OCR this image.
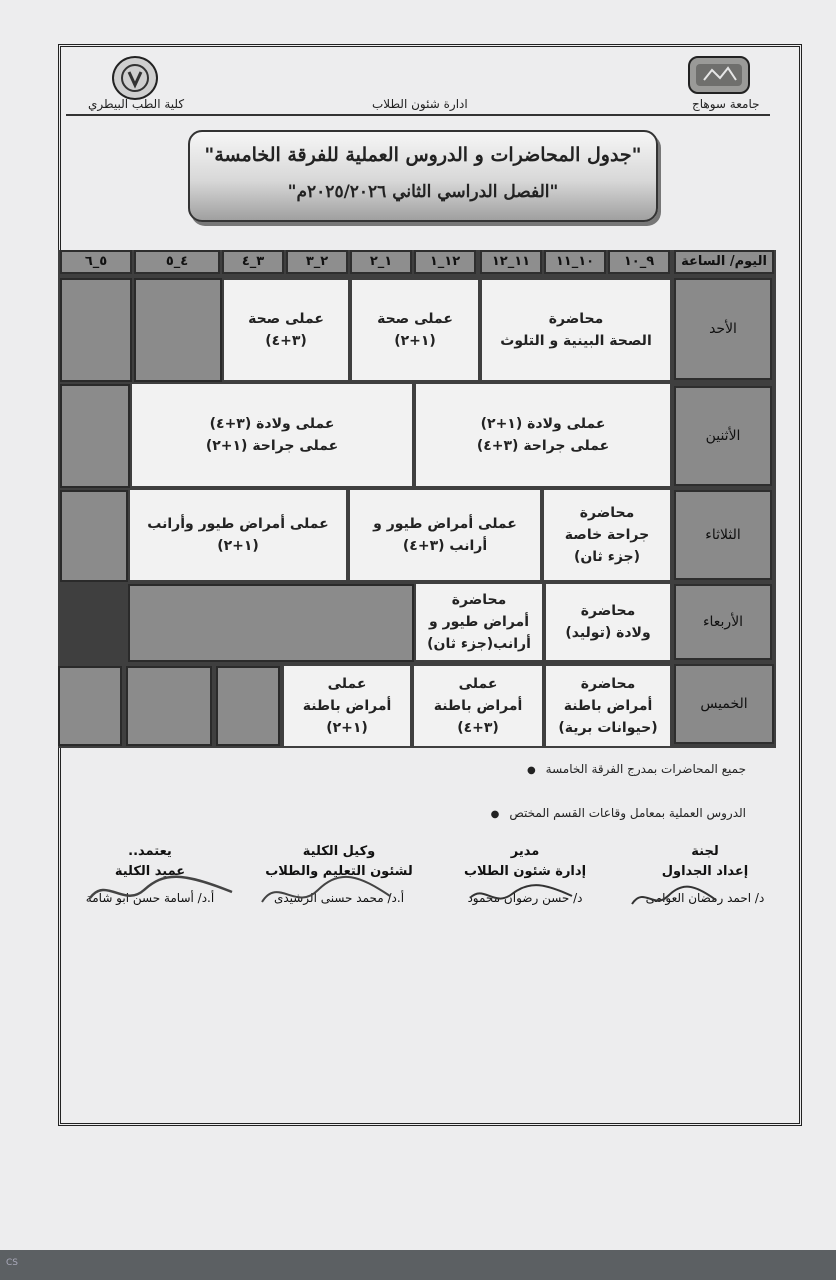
جامعة سوهاج
ادارة شئون الطلاب
كلية الطب البيطري
"جدول المحاضرات و الدروس العملية للفرقة الخامسة"
"الفصل الدراسي الثاني ٢٠٢٥/٢٠٢٦م"
اليوم/ الساعة
٩_١٠
١٠_١١
١١_١٢
١٢_١
١_٢
٢_٣
٣_٤
٤_٥
٥_٦
الأحد
محاضرة
الصحة البينية و التلوث
عملى صحة
(١+٢)
عملى صحة
(٣+٤)
الأثنين
عملى ولادة (١+٢)
عملى جراحة (٣+٤)
عملى ولادة (٣+٤)
عملى جراحة (١+٢)
الثلاثاء
محاضرة
جراحة خاصة
(جزء ثان)
عملى أمراض طيور و
أرانب (٣+٤)
عملى أمراض طيور وأرانب
(١+٢)
الأربعاء
محاضرة
ولادة (توليد)
محاضرة
أمراض طيور و
أرانب(جزء ثان)
الخميس
محاضرة
أمراض باطنة
(حيوانات برية)
عملى
أمراض باطنة
(٣+٤)
عملى
أمراض باطنة
(١+٢)
جميع المحاضرات بمدرج الفرقة الخامسة ●
الدروس العملية بمعامل وقاعات القسم المختص ●
لجنة
إعداد الجداول
د/ احمد رمضان العوامى
مدير
إدارة شئون الطلاب
د/ حسن رضوان محمود
وكيل الكلية
لشئون التعليم والطلاب
أ.د/ محمد حسنى الرشيدى
يعتمد..
عميد الكلية
أ.د/ أسامة حسن ابو شامة
CS
